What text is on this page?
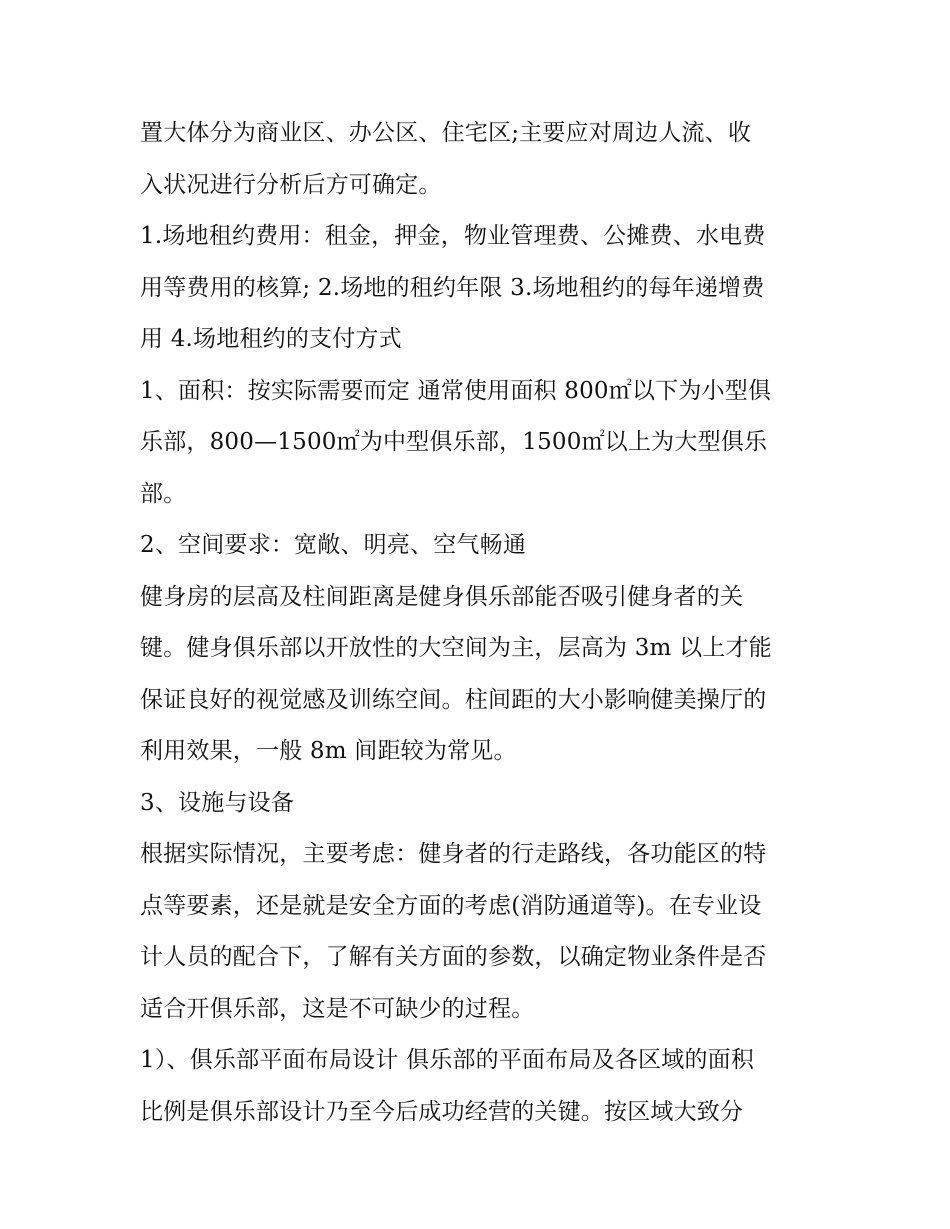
置大体分为商业区、办公区、住宅区;主要应对周边人流、收
入状况进行分析后方可确定。
1.场地租约费用：租金，押金，物业管理费、公摊费、水电费
用等费用的核算; 2.场地的租约年限 3.场地租约的每年递增费
用 4.场地租约的支付方式
1、面积：按实际需要而定 通常使用面积 800㎡以下为小型俱
乐部，800—1500㎡为中型俱乐部，1500㎡以上为大型俱乐
部。
2、空间要求：宽敞、明亮、空气畅通
健身房的层高及柱间距离是健身俱乐部能否吸引健身者的关
键。健身俱乐部以开放性的大空间为主，层高为 3m 以上才能
保证良好的视觉感及训练空间。柱间距的大小影响健美操厅的
利用效果，一般 8m 间距较为常见。
3、设施与设备
根据实际情况，主要考虑：健身者的行走路线，各功能区的特
点等要素，还是就是安全方面的考虑(消防通道等)。在专业设
计人员的配合下，了解有关方面的参数，以确定物业条件是否
适合开俱乐部，这是不可缺少的过程。
1）、俱乐部平面布局设计 俱乐部的平面布局及各区域的面积
比例是俱乐部设计乃至今后成功经营的关键。按区域大致分
